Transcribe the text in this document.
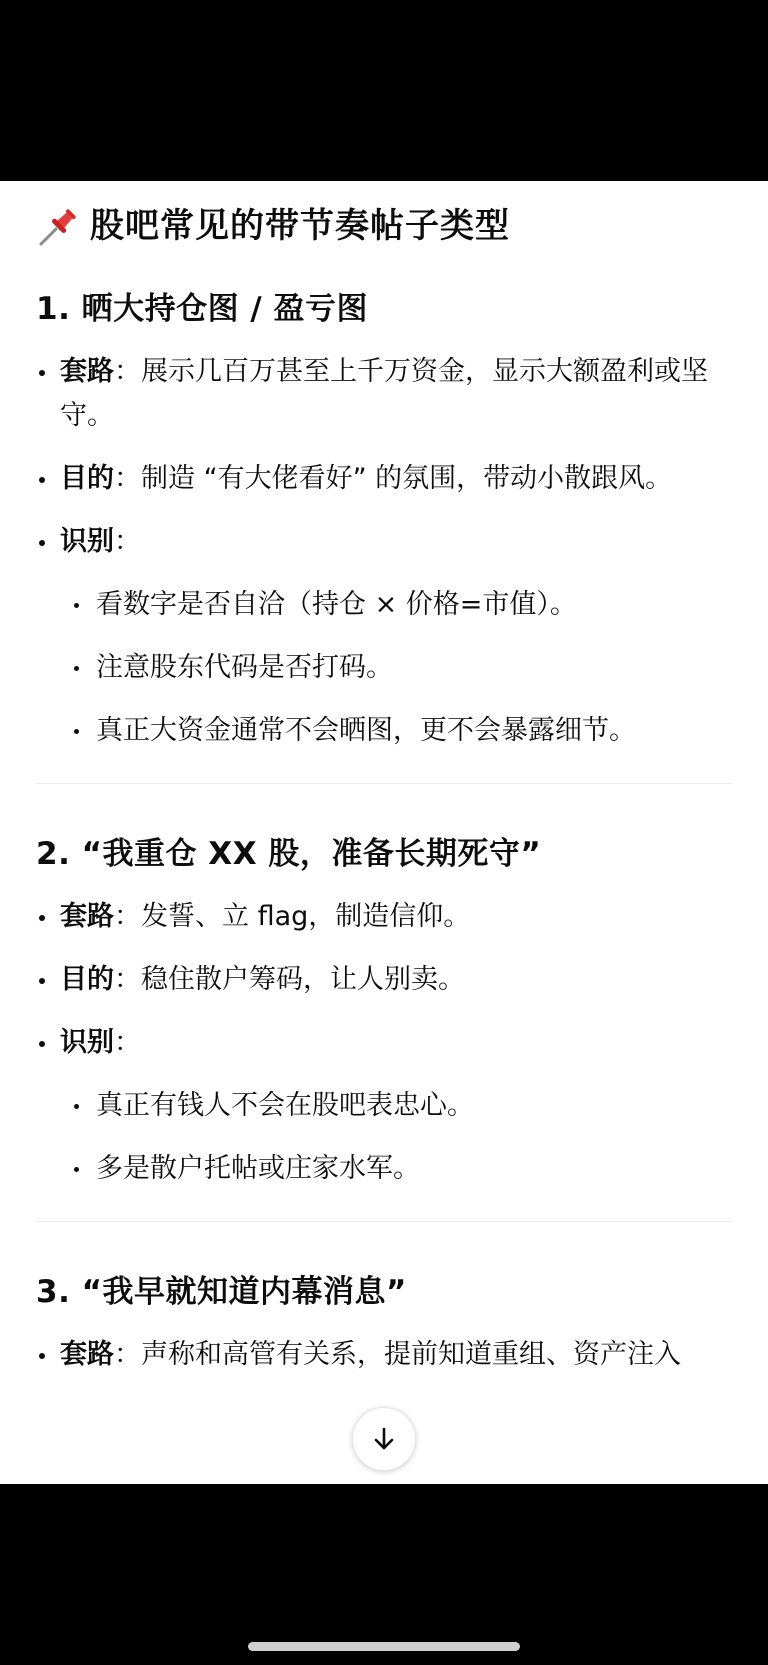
股吧常见的带节奏帖子类型
1. 晒大持仓图 / 盈亏图
套路：展示几百万甚至上千万资金，显示大额盈利或坚守。
目的：制造 “有大佬看好” 的氛围，带动小散跟风。
识别：
看数字是否自洽（持仓 × 价格=市值）。
注意股东代码是否打码。
真正大资金通常不会晒图，更不会暴露细节。
2. “我重仓 XX 股，准备长期死守”
套路：发誓、立 flag，制造信仰。
目的：稳住散户筹码，让人别卖。
识别：
真正有钱人不会在股吧表忠心。
多是散户托帖或庄家水军。
3. “我早就知道内幕消息”
套路：声称和高管有关系，提前知道重组、资产注入
